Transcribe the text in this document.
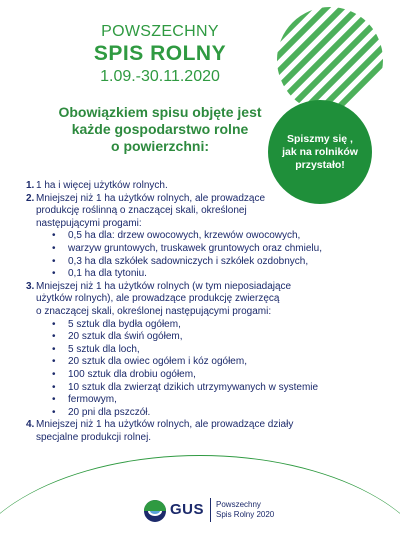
POWSZECHNY
SPIS ROLNY
1.09.-30.11.2020
Obowiązkiem spisu objęte jest
każde gospodarstwo rolne
o powierzchni:	Spiszmy się ,
jak na rolników
przystało!
1. 1 ha i więcej użytków rolnych.
2. Mniejszej niż 1 ha użytków rolnych, ale prowadzące
produkcję roślinną o znaczącej skali, określonej
następującymi progami:
• 0,5 ha dla: drzew owocowych, krzewów owocowych,
• warzyw gruntowych, truskawek gruntowych oraz chmielu,
• 0,3 ha dla szkółek sadowniczych i szkółek ozdobnych,
• 0,1 ha dla tytoniu.
3. Mniejszej niż 1 ha użytków rolnych (w tym nieposiadające
użytków rolnych), ale prowadzące produkcję zwierzęcą
o znaczącej skali, określonej następującymi progami:
• 5 sztuk dla bydła ogółem,
• 20 sztuk dla świń ogółem,
• 5 sztuk dla loch,
• 20 sztuk dla owiec ogółem i kóz ogółem,
• 100 sztuk dla drobiu ogółem,
• 10 sztuk dla zwierząt dzikich utrzymywanych w systemie
• fermowym,
• 20 pni dla pszczół.
4. Mniejszej niż 1 ha użytków rolnych, ale prowadzące działy
specjalne produkcji rolnej.
GUS Powszechny
Spis Rolny 2020
